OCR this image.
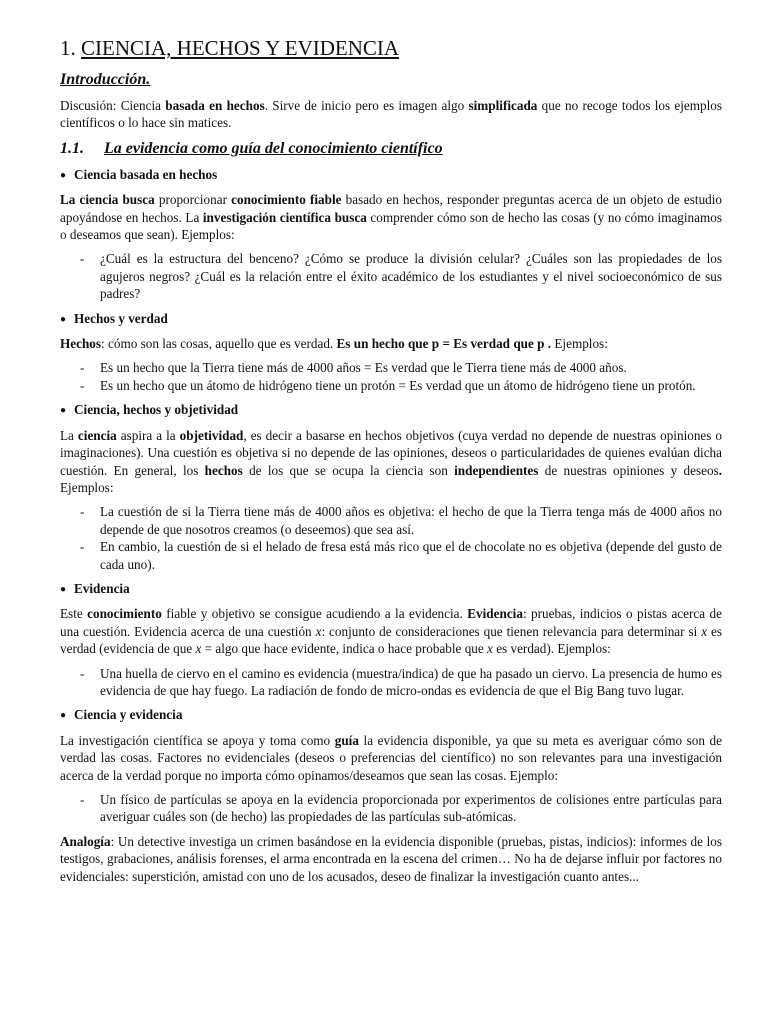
1. CIENCIA, HECHOS Y EVIDENCIA
Introducción.

Discusión: Ciencia basada en hechos. Sirve de inicio pero es imagen algo simplificada que no recoge todos los ejemplos científicos o lo hace sin matices.

1.1. La evidencia como guía del conocimiento científico
● Ciencia basada en hechos

La ciencia busca proporcionar conocimiento fiable basado en hechos, responder preguntas acerca de un objeto de estudio apoyándose en hechos. La investigación científica busca comprender cómo son de hecho las cosas (y no cómo imaginamos o deseamos que sean). Ejemplos:

- ¿Cuál es la estructura del benceno? ¿Cómo se produce la división celular? ¿Cuáles son las propiedades de los agujeros negros? ¿Cuál es la relación entre el éxito académico de los estudiantes y el nivel socioeconómico de sus padres?
● Hechos y verdad

Hechos: cómo son las cosas, aquello que es verdad. Es un hecho que p = Es verdad que p . Ejemplos:

- Es un hecho que la Tierra tiene más de 4000 años = Es verdad que le Tierra tiene más de 4000 años.
- Es un hecho que un átomo de hidrógeno tiene un protón = Es verdad que un átomo de hidrógeno tiene un protón.
● Ciencia, hechos y objetividad

La ciencia aspira a la objetividad, es decir a basarse en hechos objetivos (cuya verdad no depende de nuestras opiniones o imaginaciones). Una cuestión es objetiva si no depende de las opiniones, deseos o particularidades de quienes evalúan dicha cuestión. En general, los hechos de los que se ocupa la ciencia son independientes de nuestras opiniones y deseos. Ejemplos:

- La cuestión de si la Tierra tiene más de 4000 años es objetiva: el hecho de que la Tierra tenga más de 4000 años no depende de que nosotros creamos (o deseemos) que sea así.
- En cambio, la cuestión de si el helado de fresa está más rico que el de chocolate no es objetiva (depende del gusto de cada uno).
● Evidencia

Este conocimiento fiable y objetivo se consigue acudiendo a la evidencia. Evidencia: pruebas, indicios o pistas acerca de una cuestión. Evidencia acerca de una cuestión x: conjunto de consideraciones que tienen relevancia para determinar si x es verdad (evidencia de que x = algo que hace evidente, indica o hace probable que x es verdad). Ejemplos:

- Una huella de ciervo en el camino es evidencia (muestra/indica) de que ha pasado un ciervo. La presencia de humo es evidencia de que hay fuego. La radiación de fondo de micro-ondas es evidencia de que el Big Bang tuvo lugar.
● Ciencia y evidencia

La investigación científica se apoya y toma como guía la evidencia disponible, ya que su meta es averiguar cómo son de verdad las cosas. Factores no evidenciales (deseos o preferencias del científico) no son relevantes para una investigación acerca de la verdad porque no importa cómo opinamos/deseamos que sean las cosas. Ejemplo:

- Un físico de partículas se apoya en la evidencia proporcionada por experimentos de colisiones entre partículas para averiguar cuáles son (de hecho) las propiedades de las partículas sub-atómicas.

Analogía: Un detective investiga un crimen basándose en la evidencia disponible (pruebas, pistas, indicios): informes de los testigos, grabaciones, análisis forenses, el arma encontrada en la escena del crimen… No ha de dejarse influir por factores no evidenciales: superstición, amistad con uno de los acusados, deseo de finalizar la investigación cuanto antes...
